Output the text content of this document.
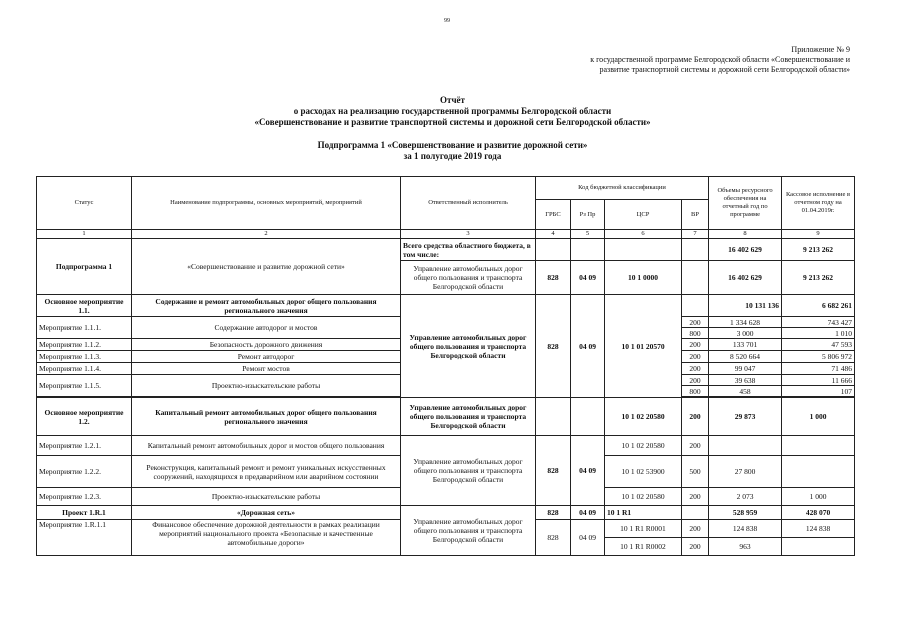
99
Приложение № 9
к государственной программе Белгородской области «Совершенствование и
развитие транспортной системы и дорожной сети Белгородской области»
Отчёт
о расходах на реализацию государственной программы Белгородской области
«Совершенствование и развитие транспортной системы и дорожной сети Белгородской области»
Подпрограмма 1 «Совершенствование и развитие дорожной сети»
за 1 полугодие 2019 года
Статус	Наименование подпрограммы, основных мероприятий, мероприятий	Ответственный исполнитель	Код бюджетной классификации				Объемы ресурсного обеспечения на отчетный год по программе	Кассовое исполнение в отчетном году на 01.04.2019г.
			ГРБС	Рз Пр	ЦСР	ВР		
1	2	3	4	5	6	7	8	9
Подпрограмма 1	«Совершенствование и развитие дорожной сети»	Всего средства областного бюджета, в том числе:					16 402 629	9 213 262
		Управление автомобильных дорог общего пользования и транспорта Белгородской области	828	04 09	10 1 0000		16 402 629	9 213 262
Основное мероприятие 1.1.	Содержание и ремонт автомобильных дорог общего пользования регионального значения	Управление автомобильных дорог общего пользования и транспорта Белгородской области	828	04 09	10 1 01 20570		10 131 136	6 682 261
Мероприятие 1.1.1.	Содержание автодорог и мостов					200	1 334 628	743 427
						800	3 000	1 010
Мероприятие 1.1.2.	Безопасность дорожного движения					200	133 701	47 593
Мероприятие 1.1.3.	Ремонт автодорог					200	8 520 664	5 806 972
Мероприятие 1.1.4.	Ремонт мостов					200	99 047	71 486
Мероприятие 1.1.5.	Проектно-изыскательские работы					200	39 638	11 666
						800	458	107

Основное мероприятие 1.2.	Капитальный ремонт автомобильных дорог общего пользования регионального значения	Управление автомобильных дорог общего пользования и транспорта Белгородской области			10 1 02 20580	200	29 873	1 000
Мероприятие 1.2.1.	Капитальный ремонт автомобильных дорог и мостов общего пользования	Управление автомобильных дорог общего пользования и транспорта Белгородской области	828	04 09	10 1 02 20580	200		
Мероприятие 1.2.2.	Реконструкция, капитальный ремонт и ремонт уникальных искусственных сооружений, находящихся в предаварийном или аварийном состоянии				10 1 02 53900	500	27 800	
Мероприятие 1.2.3.	Проектно-изыскательские работы				10 1 02 20580	200	2 073	1 000
Проект 1.R.1	«Дорожная сеть»	Управление автомобильных дорог общего пользования и транспорта Белгородской области	828	04 09	10 1 R1		528 959	428 070
Мероприятие 1.R.1.1	Финансовое обеспечение дорожной деятельности в рамках реализации мероприятий национального проекта «Безопасные и качественные автомобильные дороги»		828	04 09	10 1 R1 R0001	200	124 838	124 838
					10 1 R1 R0002	200	963	
